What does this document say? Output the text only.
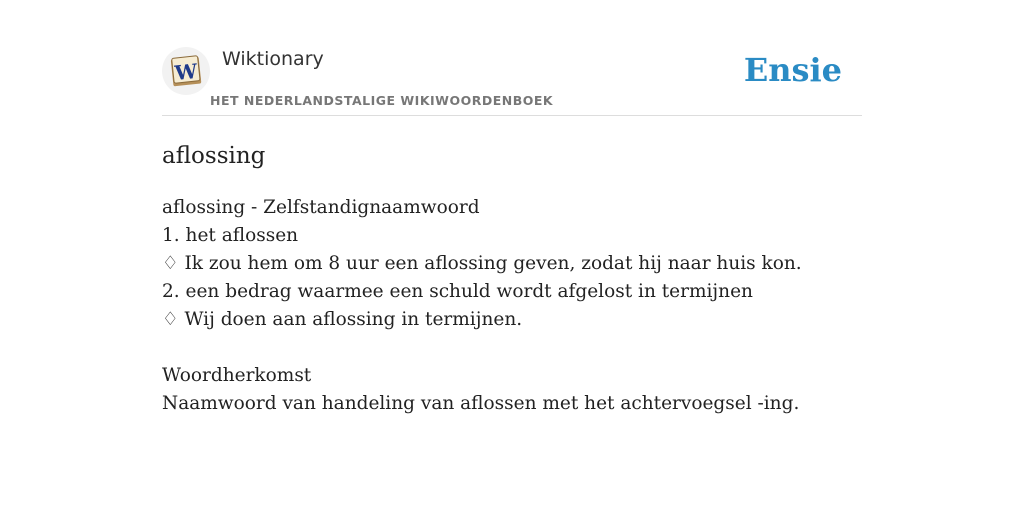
W Wiktionary
HET NEDERLANDSTALIGE WIKIWOORDENBOEK
Ensie
aflossing
aflossing - Zelfstandignaamwoord
1. het aflossen
♢ Ik zou hem om 8 uur een aflossing geven, zodat hij naar huis kon.
2. een bedrag waarmee een schuld wordt afgelost in termijnen
♢ Wij doen aan aflossing in termijnen.
Woordherkomst
Naamwoord van handeling van aflossen met het achtervoegsel -ing.
